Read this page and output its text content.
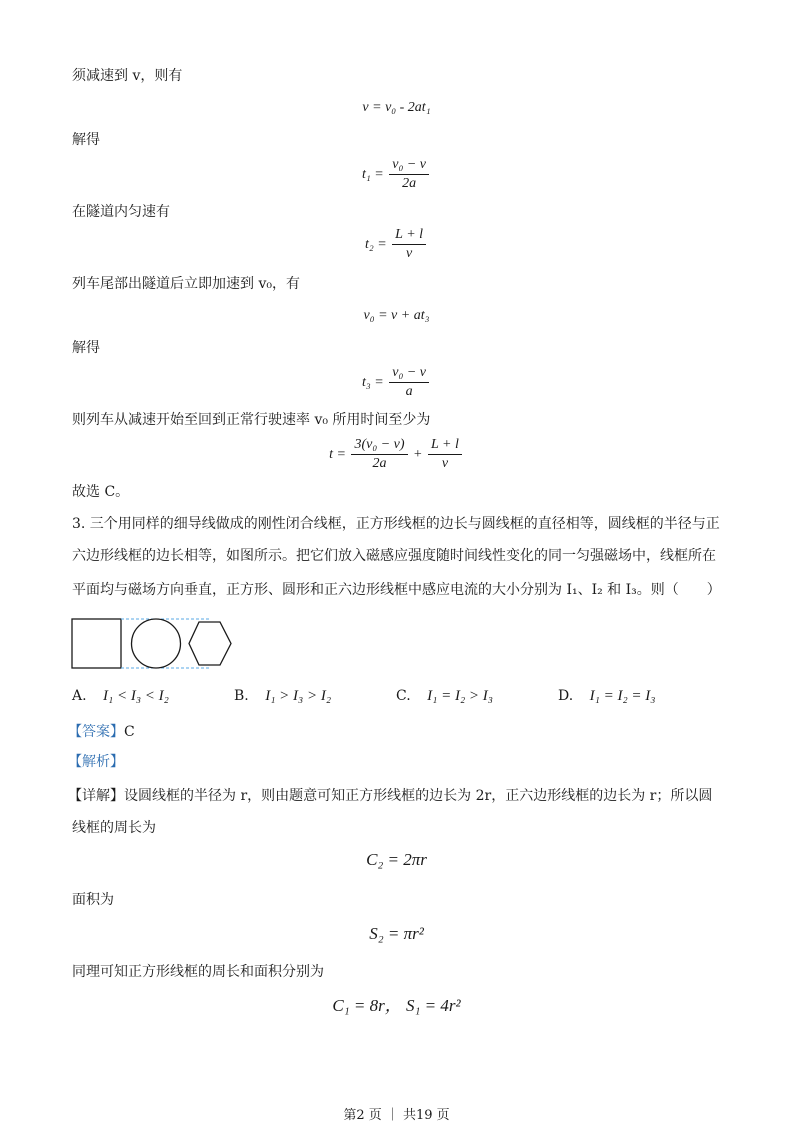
须减速到 v，则有
v = v₀ - 2at₁
解得
$t_1 = \frac{\text{v₀ − v}}{2a}$
在隧道内匀速有
$t_2 = \frac{L + l}{v}$
列车尾部出隧道后立即加速到 v₀，有
v₀ = v + at₃
解得
$t_3 = \frac{\text{v₀ − v}}{a}$
则列车从减速开始至回到正常行驶速率 v₀ 所用时间至少为
$t = \frac{\text{3(v₀ − v)}}{2a} + \frac{L + l}{v}$
故选 C。
3. 三个用同样的细导线做成的刚性闭合线框，正方形线框的边长与圆线框的直径相等，圆线框的半径与正
六边形线框的边长相等，如图所示。把它们放入磁感应强度随时间线性变化的同一匀强磁场中，线框所在
平面均与磁场方向垂直，正方形、圆形和正六边形线框中感应电流的大小分别为 I₁、I₂ 和 I₃。则（　　）
A. I₁ < I₃ < I₂	B. I₁ > I₃ > I₂	C. I₁ = I₂ > I₃	D. I₁ = I₂ = I₃
【答案】C
【解析】
【详解】设圆线框的半径为 r，则由题意可知正方形线框的边长为 2r，正六边形线框的边长为 r；所以圆
线框的周长为
C₂ = 2πr
面积为
S₂ = πr²
同理可知正方形线框的周长和面积分别为
C₁ = 8r， S₁ = 4r²
第2 页 ｜ 共19 页
